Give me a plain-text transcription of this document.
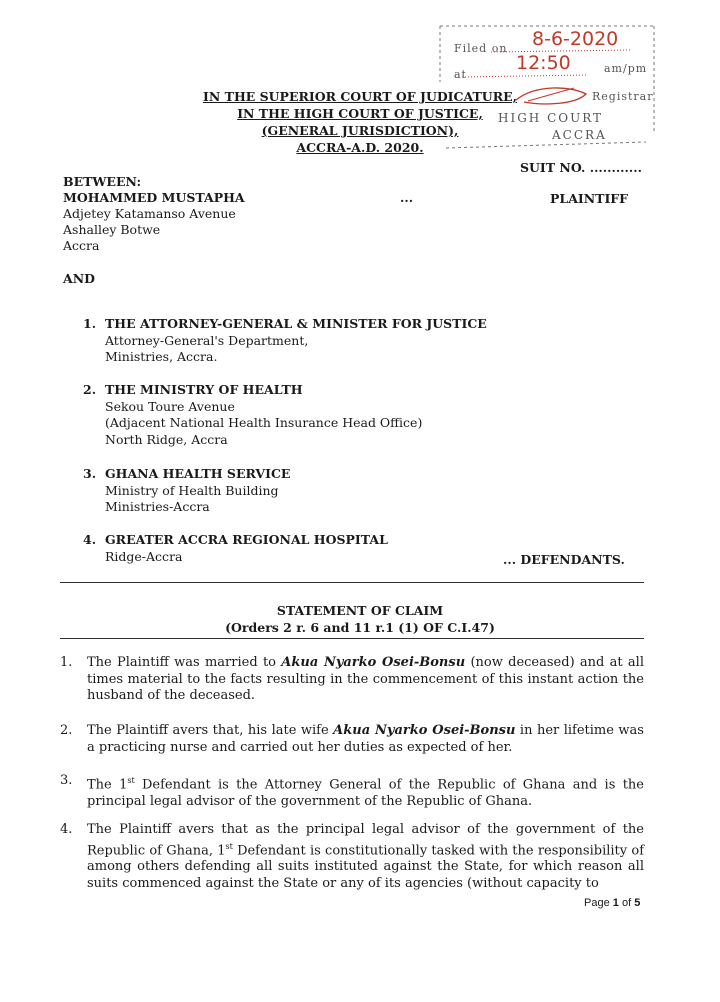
Filed on 8-6-2020
at
12:50	am/pm
Registrar
HIGH COURT
ACCRA
IN THE SUPERIOR COURT OF JUDICATURE,
IN THE HIGH COURT OF JUSTICE,
(GENERAL JURISDICTION),
ACCRA-A.D. 2020.
SUIT NO. ............
BETWEEN:
MOHAMMED MUSTAPHA	...	PLAINTIFF
Adjetey Katamanso Avenue
Ashalley Botwe
Accra
AND
1. THE ATTORNEY-GENERAL & MINISTER FOR JUSTICE
Attorney-General's Department,
Ministries, Accra.
2. THE MINISTRY OF HEALTH
Sekou Toure Avenue
(Adjacent National Health Insurance Head Office)
North Ridge, Accra
3. GHANA HEALTH SERVICE
Ministry of Health Building
Ministries-Accra
4. GREATER ACCRA REGIONAL HOSPITAL
Ridge-Accra	... DEFENDANTS.
STATEMENT OF CLAIM
(Orders 2 r. 6 and 11 r.1 (1) OF C.I.47)
1. The Plaintiff was married to Akua Nyarko Osei-Bonsu (now deceased) and at all times material to the facts resulting in the commencement of this instant action the husband of the deceased.
2. The Plaintiff avers that, his late wife Akua Nyarko Osei-Bonsu in her lifetime was a practicing nurse and carried out her duties as expected of her.
3. The 1st Defendant is the Attorney General of the Republic of Ghana and is the principal legal advisor of the government of the Republic of Ghana.
4. The Plaintiff avers that as the principal legal advisor of the government of the Republic of Ghana, 1st Defendant is constitutionally tasked with the responsibility of among others defending all suits instituted against the State, for which reason all suits commenced against the State or any of its agencies (without capacity to
Page 1 of 5
